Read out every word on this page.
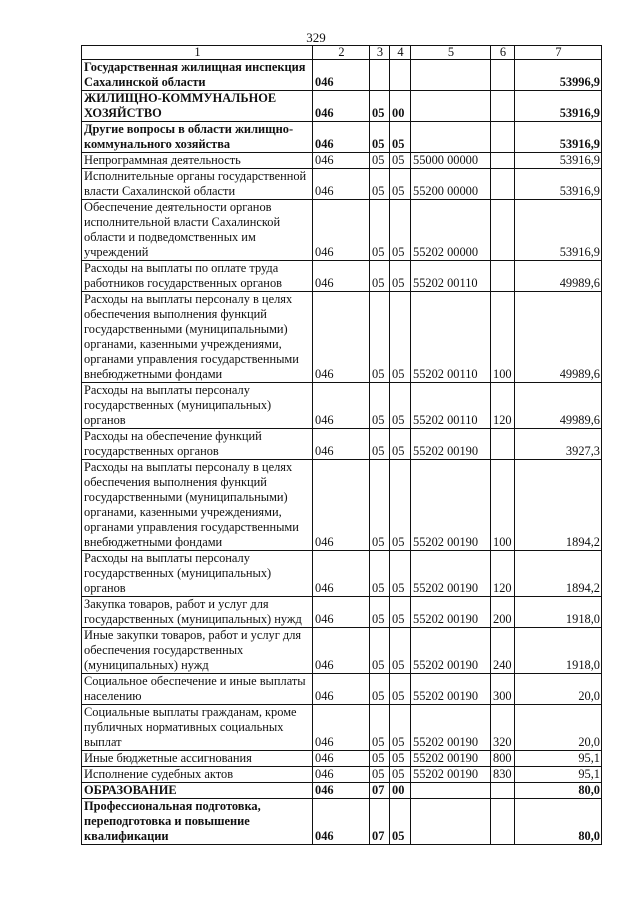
329
1	2	3	4	5	6	7
Государственная жилищная инспекция Сахалинской области	046					53996,9
ЖИЛИЩНО-КОММУНАЛЬНОЕ ХОЗЯЙСТВО	046	05	00			53916,9
Другие вопросы в области жилищно-коммунального хозяйства	046	05	05			53916,9
Непрограммная деятельность	046	05	05	55000 00000		53916,9
Исполнительные органы государственной власти Сахалинской области	046	05	05	55200 00000		53916,9
Обеспечение деятельности органов исполнительной власти Сахалинской области и подведомственных им учреждений	046	05	05	55202 00000		53916,9
Расходы на выплаты по оплате труда работников государственных органов	046	05	05	55202 00110		49989,6
Расходы на выплаты персоналу в целях обеспечения выполнения функций государственными (муниципальными) органами, казенными учреждениями, органами управления государственными внебюджетными фондами	046	05	05	55202 00110	100	49989,6
Расходы на выплаты персоналу государственных (муниципальных) органов	046	05	05	55202 00110	120	49989,6
Расходы на обеспечение функций государственных органов	046	05	05	55202 00190		3927,3
Расходы на выплаты персоналу в целях обеспечения выполнения функций государственными (муниципальными) органами, казенными учреждениями, органами управления государственными внебюджетными фондами	046	05	05	55202 00190	100	1894,2
Расходы на выплаты персоналу государственных (муниципальных) органов	046	05	05	55202 00190	120	1894,2
Закупка товаров, работ и услуг для государственных (муниципальных) нужд	046	05	05	55202 00190	200	1918,0
Иные закупки товаров, работ и услуг для обеспечения государственных (муниципальных) нужд	046	05	05	55202 00190	240	1918,0
Социальное обеспечение и иные выплаты населению	046	05	05	55202 00190	300	20,0
Социальные выплаты гражданам, кроме публичных нормативных социальных выплат	046	05	05	55202 00190	320	20,0
Иные бюджетные ассигнования	046	05	05	55202 00190	800	95,1
Исполнение судебных актов	046	05	05	55202 00190	830	95,1
ОБРАЗОВАНИЕ	046	07	00			80,0
Профессиональная подготовка, переподготовка и повышение квалификации	046	07	05			80,0
